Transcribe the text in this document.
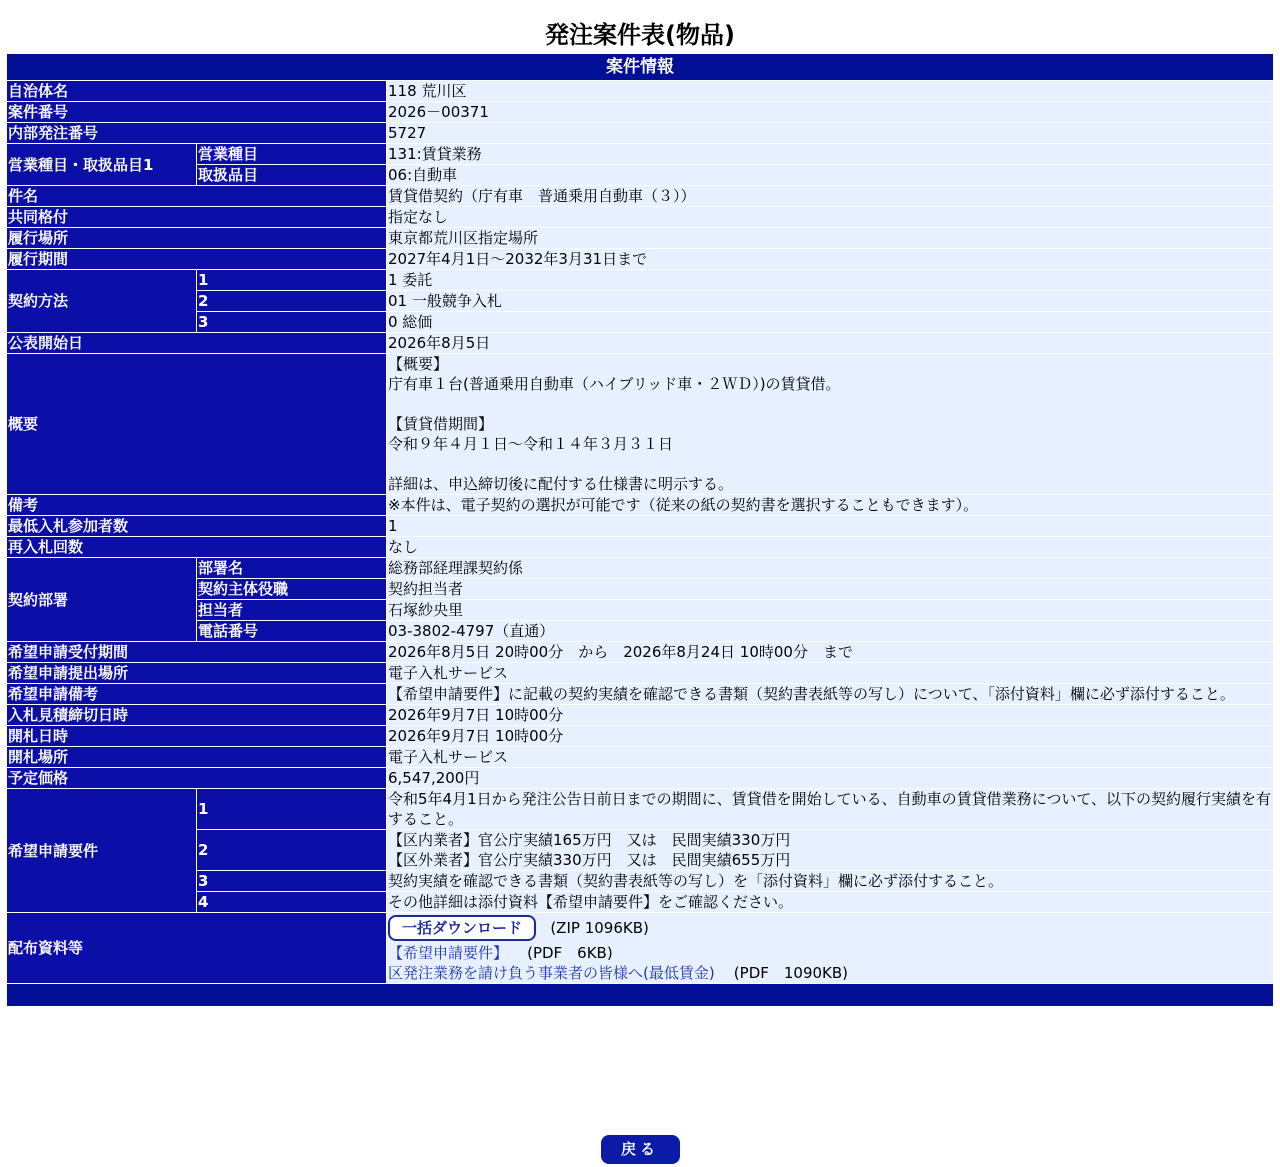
発注案件表(物品)
案件情報		
自治体名		118 荒川区
案件番号		2026－00371
内部発注番号		5727
営業種目・取扱品目1	営業種目	131:賃貸業務
	取扱品目	06:自動車
件名		賃貸借契約（庁有車　普通乗用自動車（３））
共同格付		指定なし
履行場所		東京都荒川区指定場所
履行期間		2027年4月1日～2032年3月31日まで
契約方法	1	1 委託
	2	01 一般競争入札
	3	0 総価
公表開始日		2026年8月5日
概要		【概要】
庁有車１台(普通乗用自動車（ハイブリッド車・２ＷＤ）)の賃貸借。
【賃貸借期間】
令和９年４月１日～令和１４年３月３１日
詳細は、申込締切後に配付する仕様書に明示する。

備考		※本件は、電子契約の選択が可能です（従来の紙の契約書を選択することもできます）。
最低入札参加者数		1
再入札回数		なし
契約部署	部署名	総務部経理課契約係
	契約主体役職	契約担当者
	担当者	石塚紗央里
	電話番号	03-3802-4797（直通）
希望申請受付期間		2026年8月5日 20時00分　から　2026年8月24日 10時00分　まで
希望申請提出場所		電子入札サービス
希望申請備考		【希望申請要件】に記載の契約実績を確認できる書類（契約書表紙等の写し）について、「添付資料」欄に必ず添付すること。
入札見積締切日時		2026年9月7日 10時00分
開札日時		2026年9月7日 10時00分
開札場所		電子入札サービス
予定価格		6,547,200円
希望申請要件	1	令和5年4月1日から発注公告日前日までの期間に、賃貸借を開始している、自動車の賃貸借業務について、以下の契約履行実績を有すること。

	2	【区内業者】官公庁実績165万円　又は　民間実績330万円
【区外業者】官公庁実績330万円　又は　民間実績655万円

	3	契約実績を確認できる書類（契約書表紙等の写し）を「添付資料」欄に必ず添付すること。

	4	その他詳細は添付資料【希望申請要件】をご確認ください。

配布資料等		一括ダウンロード (ZIP 1096KB)
【希望申請要件】 (PDF　6KB)
区発注業務を請け負う事業者の皆様へ(最低賃金) (PDF　1090KB)

戻る
